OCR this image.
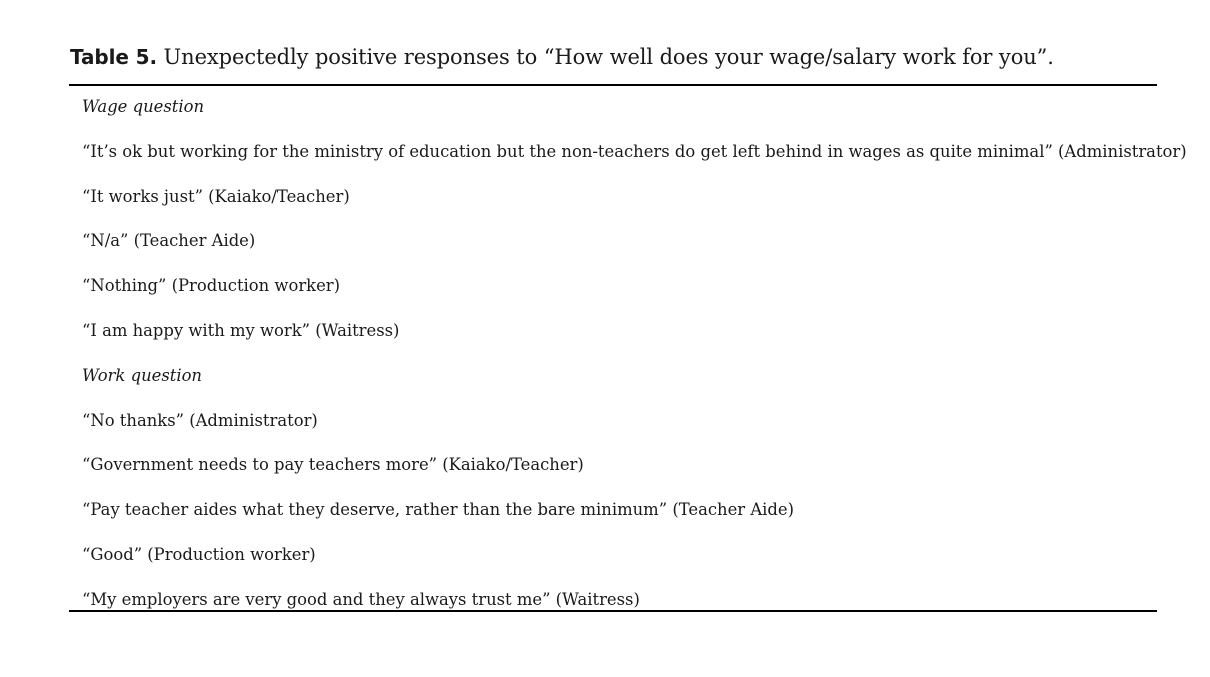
Table 5. Unexpectedly positive responses to “How well does your wage/salary work for you”.
Wage question
“It’s ok but working for the ministry of education but the non-teachers do get left behind in wages as quite minimal” (Administrator)
“It works just” (Kaiako/Teacher)
“N/a” (Teacher Aide)
“Nothing” (Production worker)
“I am happy with my work” (Waitress)
Work question
“No thanks” (Administrator)
“Government needs to pay teachers more” (Kaiako/Teacher)
“Pay teacher aides what they deserve, rather than the bare minimum” (Teacher Aide)
“Good” (Production worker)
“My employers are very good and they always trust me” (Waitress)
